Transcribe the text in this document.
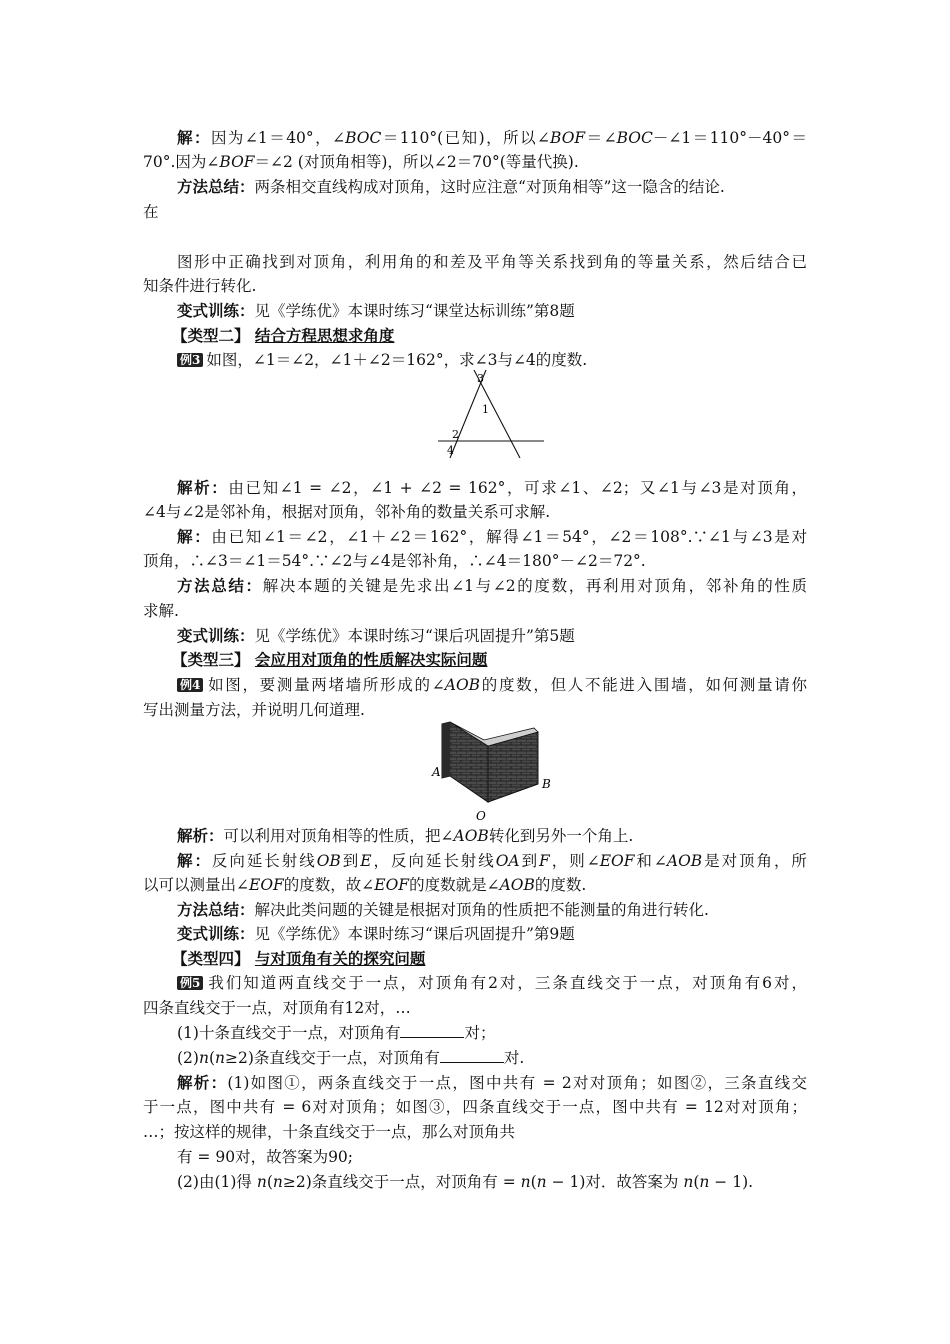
解：因为∠1＝40°，∠BOC＝110°(已知)，所以∠BOF＝∠BOC－∠1＝110°－40°＝
70°.因为∠BOF＝∠2 (对顶角相等)，所以∠2＝70°(等量代换).
方法总结：两条相交直线构成对顶角，这时应注意“对顶角相等”这一隐含的结论.
在
图形中正确找到对顶角，利用角的和差及平角等关系找到角的等量关系，然后结合已
知条件进行转化.
变式训练：见《学练优》本课时练习“课堂达标训练”第8题
【类型二】 结合方程思想求角度
例3 如图，∠1＝∠2，∠1＋∠2＝162°，求∠3与∠4的度数.
3
1
2
4
解析：由已知∠1 = ∠2，∠1 + ∠2 = 162°，可求∠1、∠2；又∠1与∠3是对顶角，
∠4与∠2是邻补角，根据对顶角，邻补角的数量关系可求解.
解：由已知∠1＝∠2，∠1＋∠2＝162°，解得∠1＝54°，∠2＝108°.∵∠1与∠3是对
顶角，∴∠3＝∠1＝54°.∵∠2与∠4是邻补角，∴∠4＝180°－∠2＝72°.
方法总结：解决本题的关键是先求出∠1与∠2的度数，再利用对顶角，邻补角的性质
求解.
变式训练：见《学练优》本课时练习“课后巩固提升”第5题
【类型三】 会应用对顶角的性质解决实际问题
例4 如图，要测量两堵墙所形成的∠AOB的度数，但人不能进入围墙，如何测量请你
写出测量方法，并说明几何道理.
A
B
O
解析：可以利用对顶角相等的性质，把∠AOB转化到另外一个角上.
解：反向延长射线OB到E，反向延长射线OA到F，则∠EOF和∠AOB是对顶角，所
以可以测量出∠EOF的度数，故∠EOF的度数就是∠AOB的度数.
方法总结：解决此类问题的关键是根据对顶角的性质把不能测量的角进行转化.
变式训练：见《学练优》本课时练习“课后巩固提升”第9题
【类型四】 与对顶角有关的探究问题
例5 我们知道两直线交于一点，对顶角有2对，三条直线交于一点，对顶角有6对，
四条直线交于一点，对顶角有12对，…
(1)十条直线交于一点，对顶角有	对；
(2)n(n≥2)条直线交于一点，对顶角有	对.
解析：(1)如图①，两条直线交于一点，图中共有 = 2对对顶角；如图②，三条直线交
于一点，图中共有 = 6对对顶角；如图③，四条直线交于一点，图中共有 = 12对对顶角；
…；按这样的规律，十条直线交于一点，那么对顶角共
有 = 90对，故答案为90;
(2)由(1)得 n(n≥2)条直线交于一点，对顶角有 = n(n − 1)对．故答案为 n(n − 1).
